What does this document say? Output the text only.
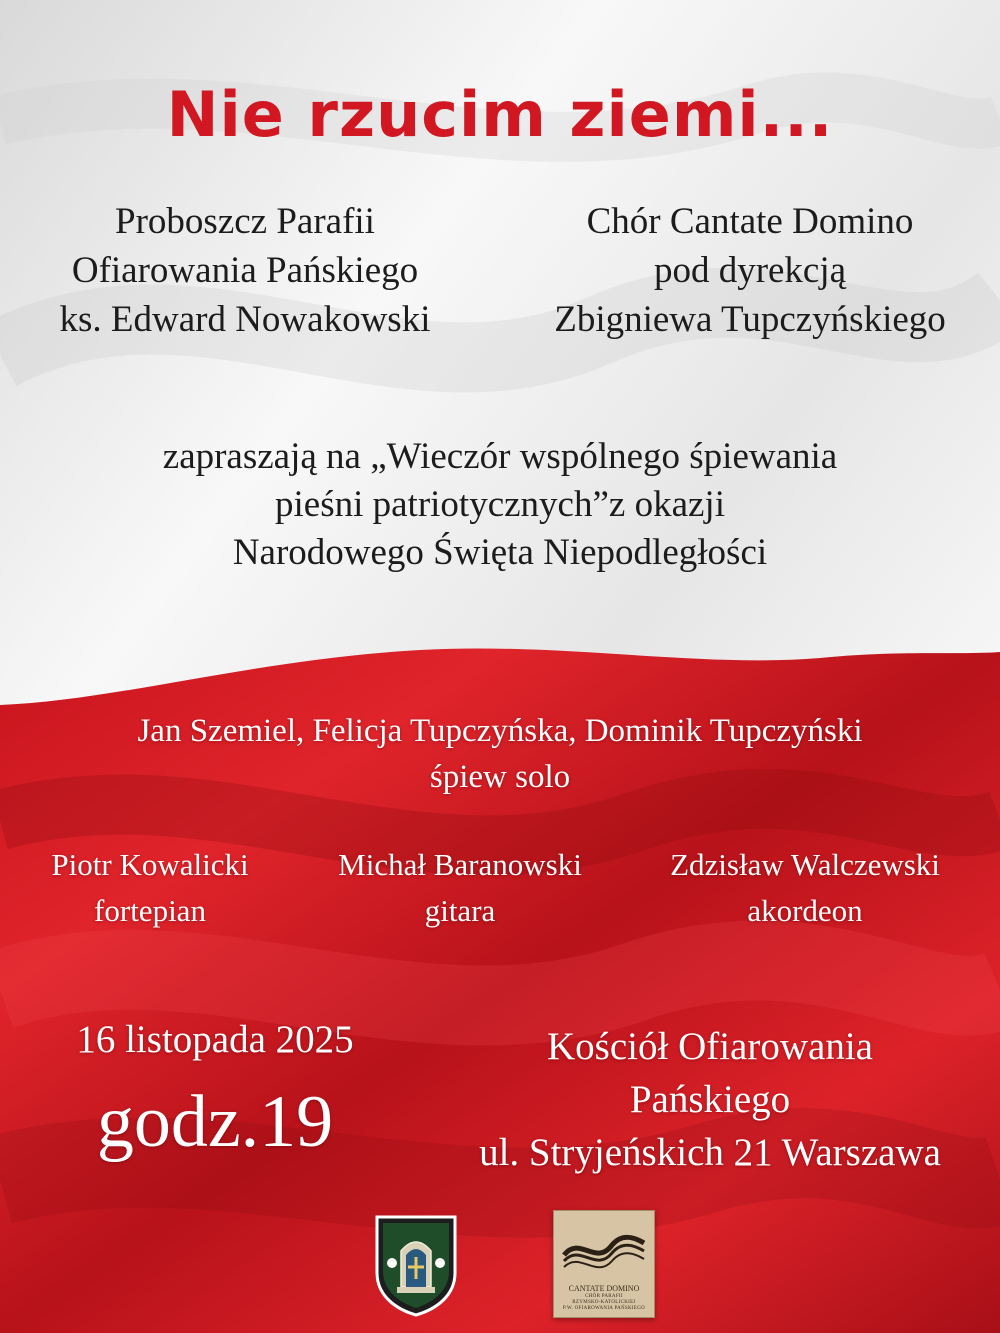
Nie rzucim ziemi...
Proboszcz Parafii
Ofiarowania Pańskiego
ks. Edward Nowakowski
Chór Cantate Domino
pod dyrekcją
Zbigniewa Tupczyńskiego
zapraszają na „Wieczór wspólnego śpiewania
pieśni patriotycznych”z okazji
Narodowego Święta Niepodległości
Jan Szemiel, Felicja Tupczyńska, Dominik Tupczyński
śpiew solo
Piotr Kowalicki
fortepian
Michał Baranowski
gitara
Zdzisław Walczewski
akordeon
16 listopada 2025
godz.19
Kościół Ofiarowania
Pańskiego
ul. Stryjeńskich 21 Warszawa
CANTATE DOMINO
CHÓR PARAFII
RZYMSKO-KATOLICKIEJ
P.W. OFIAROWANIA PAŃSKIEGO
